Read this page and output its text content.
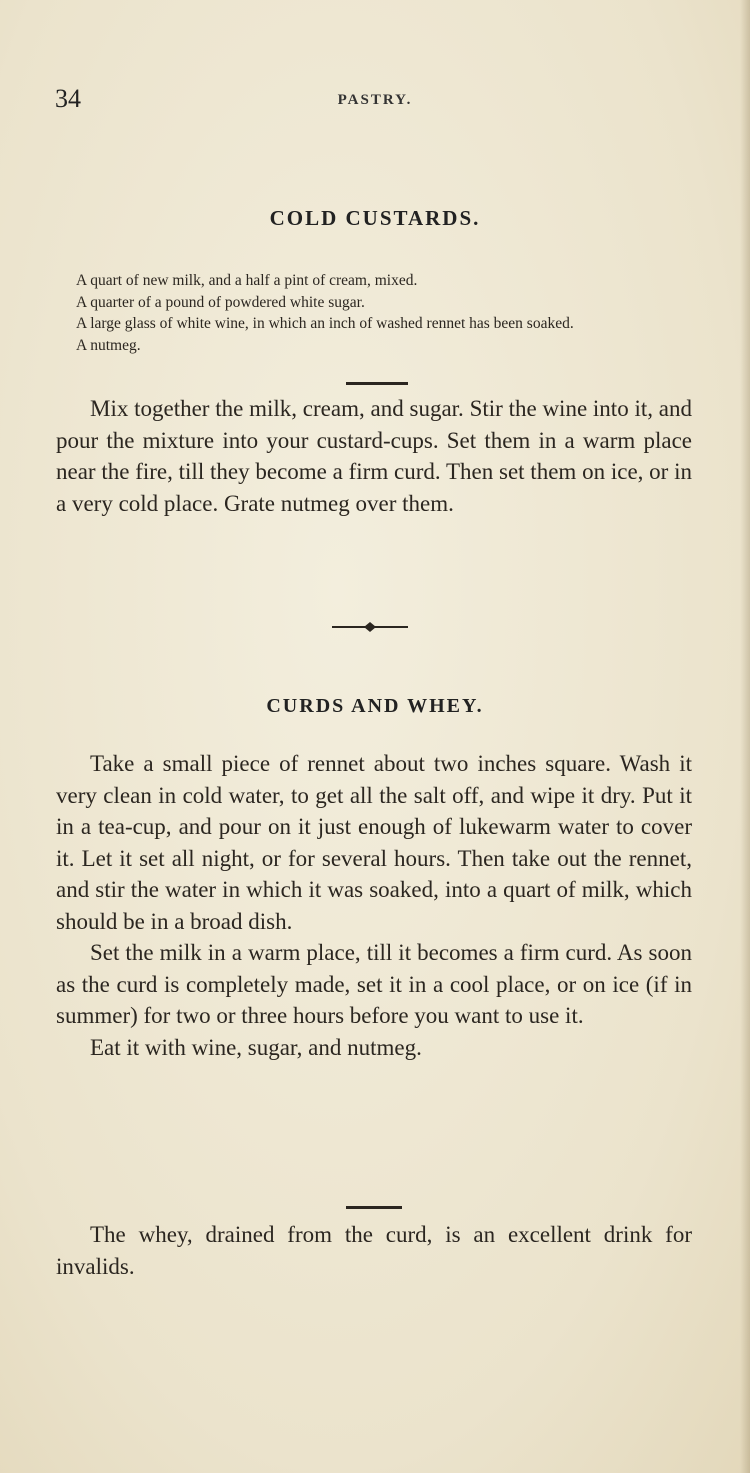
34	PASTRY.
COLD CUSTARDS.
A quart of new milk, and a half a pint of cream, mixed.
A quarter of a pound of powdered white sugar.
A large glass of white wine, in which an inch of washed rennet has been soaked.
A nutmeg.

Mix together the milk, cream, and sugar. Stir the wine into it, and pour the mixture into your custard-cups. Set them in a warm place near the fire, till they become a firm curd. Then set them on ice, or in a very cold place. Grate nutmeg over them.

CURDS AND WHEY.

Take a small piece of rennet about two inches square. Wash it very clean in cold water, to get all the salt off, and wipe it dry. Put it in a tea-cup, and pour on it just enough of lukewarm water to cover it. Let it set all night, or for several hours. Then take out the rennet, and stir the water in which it was soaked, into a quart of milk, which should be in a broad dish.

Set the milk in a warm place, till it becomes a firm curd. As soon as the curd is completely made, set it in a cool place, or on ice (if in summer) for two or three hours before you want to use it.

Eat it with wine, sugar, and nutmeg.

The whey, drained from the curd, is an excellent drink for invalids.
